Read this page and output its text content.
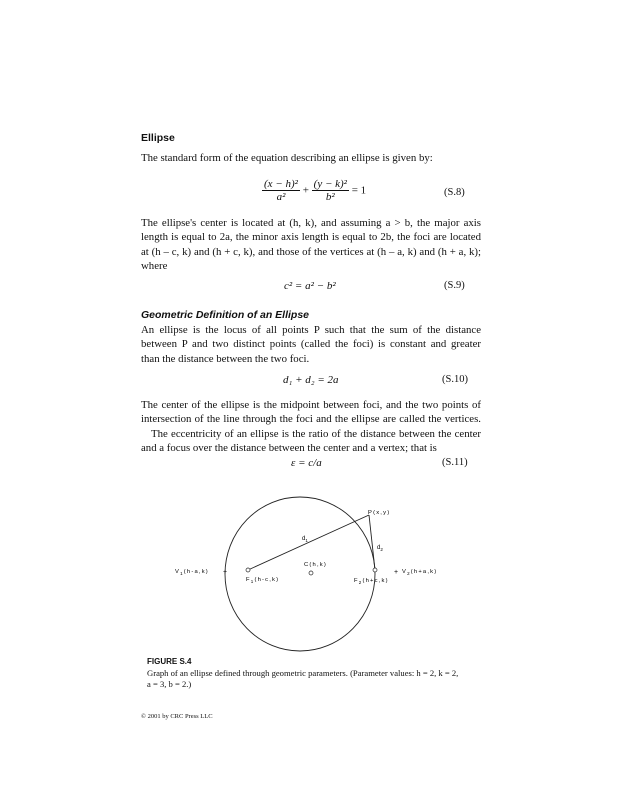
Ellipse
The standard form of the equation describing an ellipse is given by:
$\frac{\text{(x − h)²}}{\text{a²}} + \frac{\text{(y − k)²}}{\text{b²}} = 1$	(S.8)
The ellipse's center is located at (h, k), and assuming a > b, the major axis
length is equal to 2a, the minor axis length is equal to 2b, the foci are located
at (h – c, k) and (h + c, k), and those of the vertices at (h – a, k) and (h + a, k);
where
c² = a² − b²	(S.9)
Geometric Definition of an Ellipse
An ellipse is the locus of all points P such that the sum of the distance
between P and two distinct points (called the foci) is constant and greater
than the distance between the two foci.
d₁ + d₂ = 2a	(S.10)
The center of the ellipse is the midpoint between foci, and the two points of
intersection of the line through the foci and the ellipse are called the vertices.
The eccentricity of an ellipse is the ratio of the distance between the center
and a focus over the distance between the center and a vertex; that is
ε = c/a	(S.11)
+	+
P(x,y)
$d_1$
$d_2$
C(h,k)
$V_1(h-a,k)$	$V_2(h+a,k)$
$F_1(h-c,k)$	$F_2(h+c,k)$
FIGURE S.4
Graph of an ellipse defined through geometric parameters. (Parameter values: h = 2, k = 2,
a = 3, b = 2.)
© 2001 by CRC Press LLC
